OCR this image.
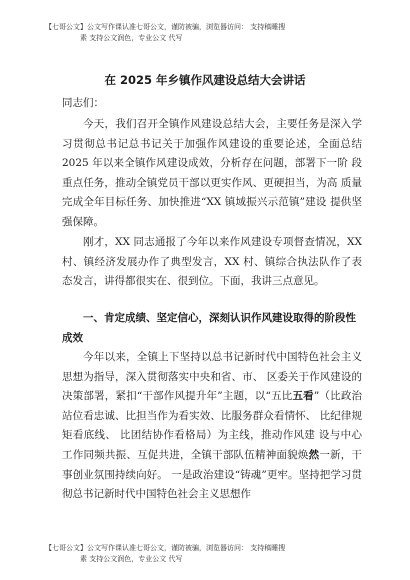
【七哥公文】公文写作课认准七哥公文，谨防被骗，浏览器访问： 支持稿睡搜
素 支持公文润色，专业公文 代写
在 2025 年乡镇作风建设总结大会讲话
同志们：
今天，我们召开全镇作风建设总结大会，主要任务是深入学习贯彻总书记总书记关于加强作风建设的重要论述，全面总结 2025 年以来全镇作风建设成效，分析存在问题，部署下一阶 段重点任务，推动全镇党员干部以更实作风、更硬担当，为高 质量完成全年目标任务、加快推进“XX 镇域振兴示范镇”建设 提供坚强保障。
刚才，XX 同志通报了今年以来作风建设专项督查情况，XX 村、镇经济发展办作了典型发言，XX 村、镇综合执法队作了表 态发言，讲得都很实在、很到位。下面，我讲三点意见。
一、肯定成绩、坚定信心，深刻认识作风建设取得的阶段性成效
今年以来，全镇上下坚持以总书记新时代中国特色社会主义思想为指导，深入贯彻落实中央和省、市、 区委关于作风建设的决策部署，紧扣“干部作风提升年”主题，以“五比五看”（比政治站位看忠诚、比担当作为看实效、比服务群众看情怀、 比纪律规矩看底线、 比团结协作看格局）为主线，推动作风建 设与中心工作同频共振、互促共进，全镇干部队伍精神面貌焕然一新，干事创业氛围持续向好。 一是政治建设“铸魂”更牢。坚持把学习贯彻总书记新时代中国特色社会主义思想作
【七哥公文】公文写作课认准七哥公文，谨防被骗，浏览器访问： 支持稿睡搜
素 支持公文润色，专业公文 代写
